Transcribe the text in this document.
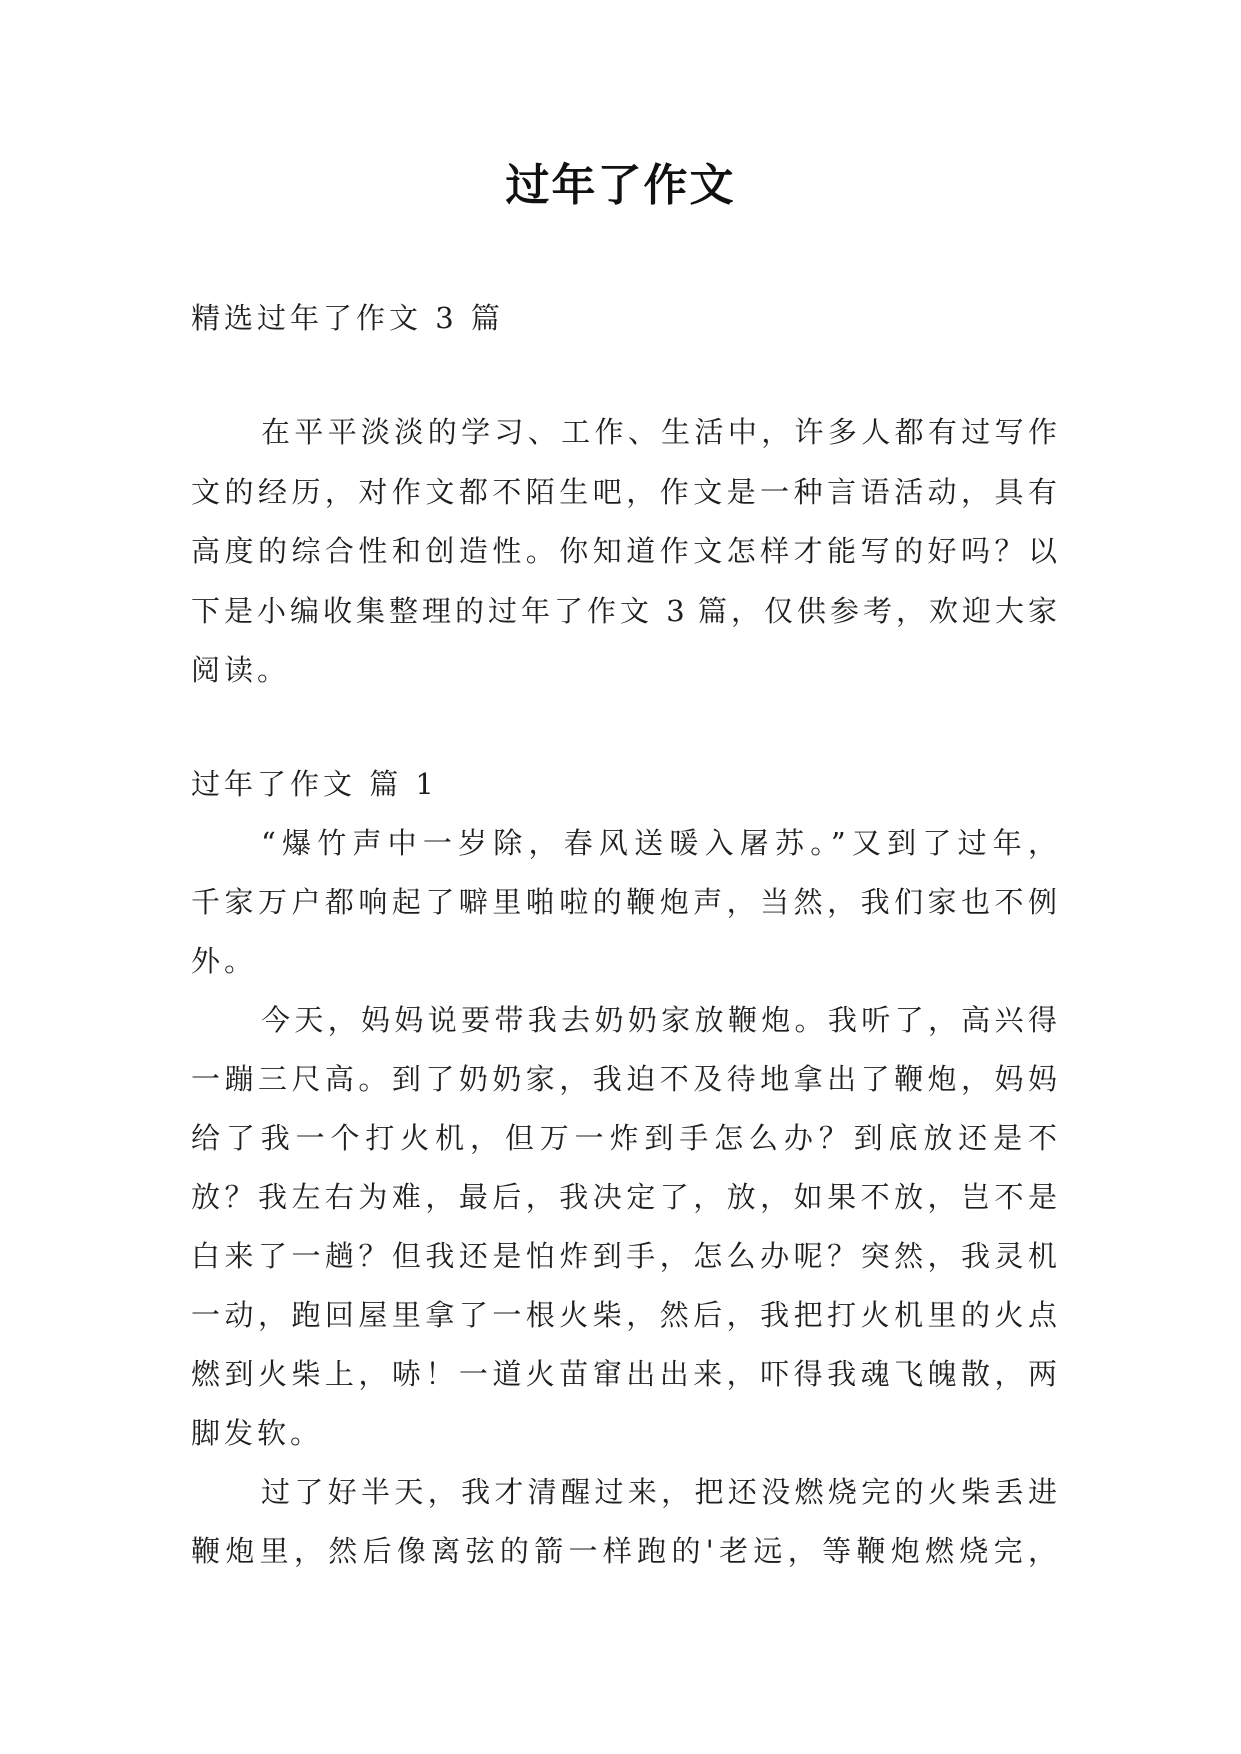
过年了作文
精选过年了作文 3 篇
在平平淡淡的学习、工作、生活中，许多人都有过写作
文的经历，对作文都不陌生吧，作文是一种言语活动，具有
高度的综合性和创造性。你知道作文怎样才能写的好吗？以
下是小编收集整理的过年了作文 3 篇，仅供参考，欢迎大家
阅读。
过年了作文 篇 1
“爆竹声中一岁除，春风送暖入屠苏。”又到了过年，
千家万户都响起了噼里啪啦的鞭炮声，当然，我们家也不例
外。
今天，妈妈说要带我去奶奶家放鞭炮。我听了，高兴得
一蹦三尺高。到了奶奶家，我迫不及待地拿出了鞭炮，妈妈
给了我一个打火机，但万一炸到手怎么办？到底放还是不
放？我左右为难，最后，我决定了，放，如果不放，岂不是
白来了一趟？但我还是怕炸到手，怎么办呢？突然，我灵机
一动，跑回屋里拿了一根火柴，然后，我把打火机里的火点
燃到火柴上，哧！一道火苗窜出出来，吓得我魂飞魄散，两
脚发软。
过了好半天，我才清醒过来，把还没燃烧完的火柴丢进
鞭炮里，然后像离弦的箭一样跑的'老远，等鞭炮燃烧完，
